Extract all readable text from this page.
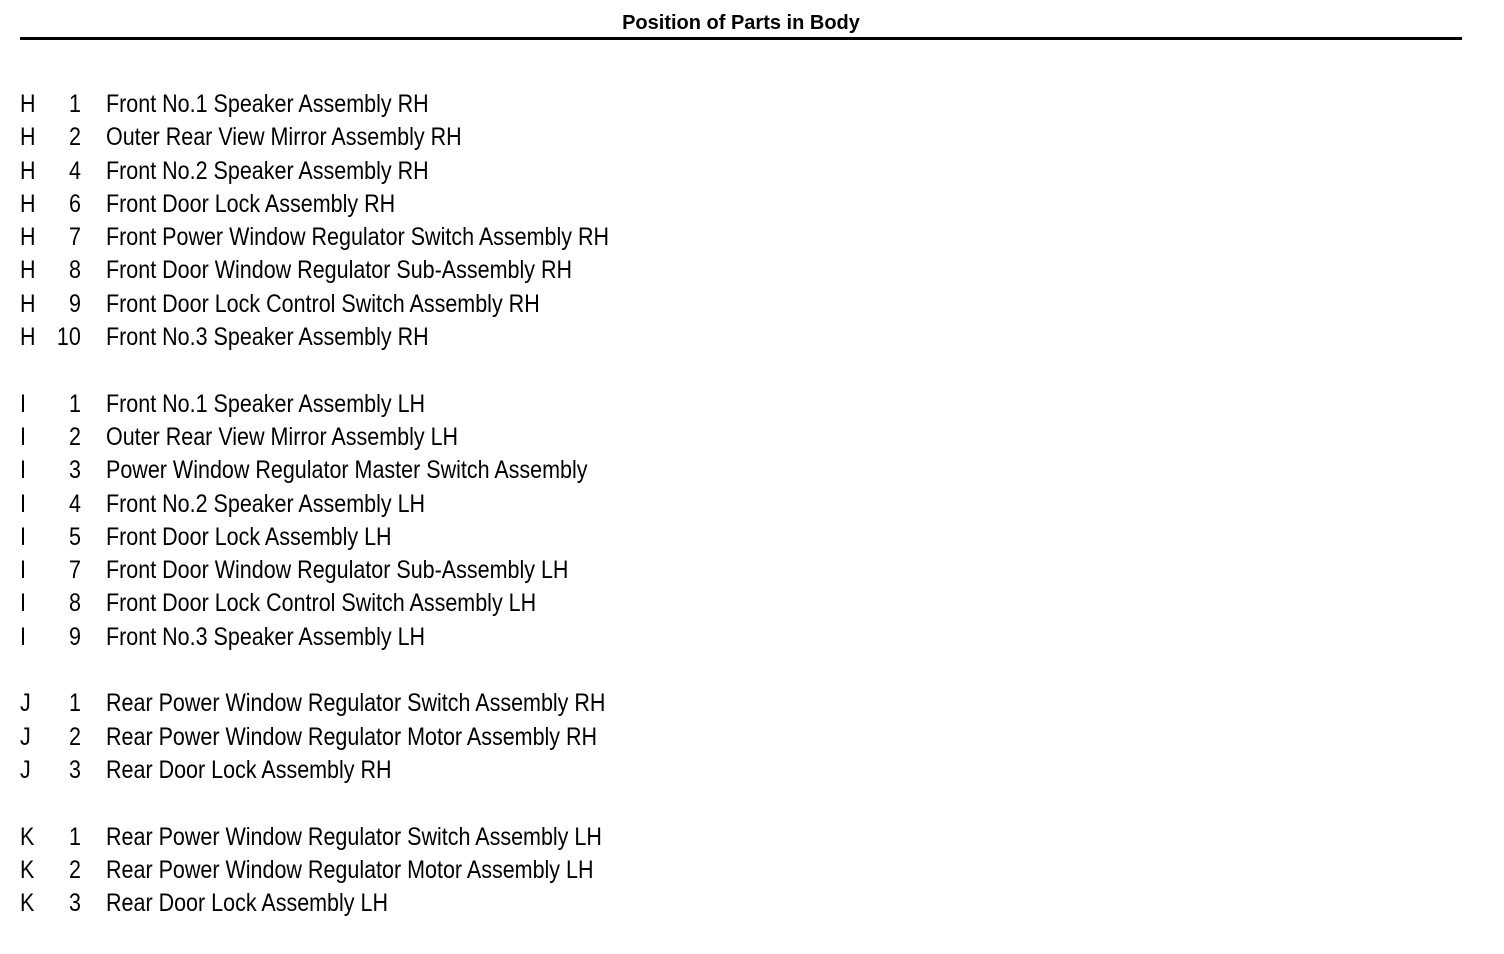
Position of Parts in Body
H	1 Front No.1 Speaker Assembly RH
H	2 Outer Rear View Mirror Assembly RH
H	4 Front No.2 Speaker Assembly RH
H	6 Front Door Lock Assembly RH
H	7 Front Power Window Regulator Switch Assembly RH
H	8 Front Door Window Regulator Sub-Assembly RH
H	9 Front Door Lock Control Switch Assembly RH
H 10 Front No.3 Speaker Assembly RH
I	1 Front No.1 Speaker Assembly LH
I	2 Outer Rear View Mirror Assembly LH
I	3 Power Window Regulator Master Switch Assembly
I	4 Front No.2 Speaker Assembly LH
I	5 Front Door Lock Assembly LH
I	7 Front Door Window Regulator Sub-Assembly LH
I	8 Front Door Lock Control Switch Assembly LH
I	9 Front No.3 Speaker Assembly LH
J	1 Rear Power Window Regulator Switch Assembly RH
J	2 Rear Power Window Regulator Motor Assembly RH
J	3 Rear Door Lock Assembly RH
K	1 Rear Power Window Regulator Switch Assembly LH
K	2 Rear Power Window Regulator Motor Assembly LH
K	3 Rear Door Lock Assembly LH
